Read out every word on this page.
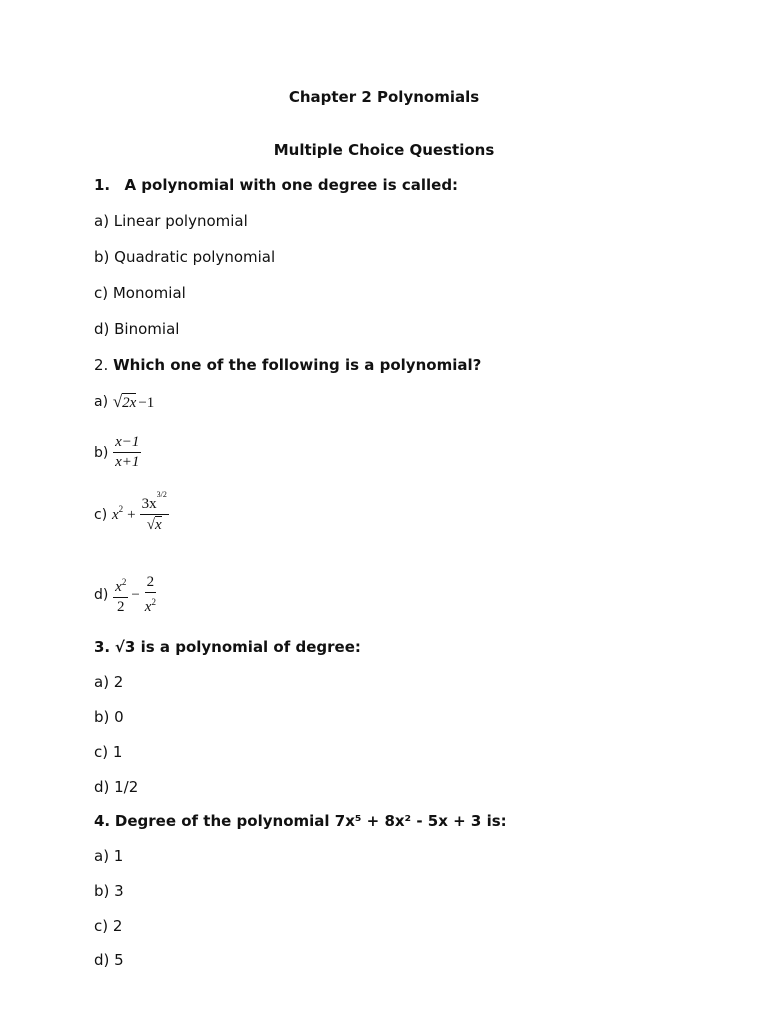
Chapter 2 Polynomials
Multiple Choice Questions
1. A polynomial with one degree is called:
a) Linear polynomial
b) Quadratic polynomial
c) Monomial
d) Binomial
2. Which one of the following is a polynomial?
a)
√ 2x −1
b)
$\frac{x-1}{x+1}$
c)
$x^2 + 3x$
$^{3/2}$
√ x
d)
$\frac{x^2}{2} - \frac{2}{x^2}$
3. √3 is a polynomial of degree:
a) 2
b) 0
c) 1
d) 1/2
4. Degree of the polynomial 7x⁵ + 8x² - 5x + 3 is:
a) 1
b) 3
c) 2
d) 5
